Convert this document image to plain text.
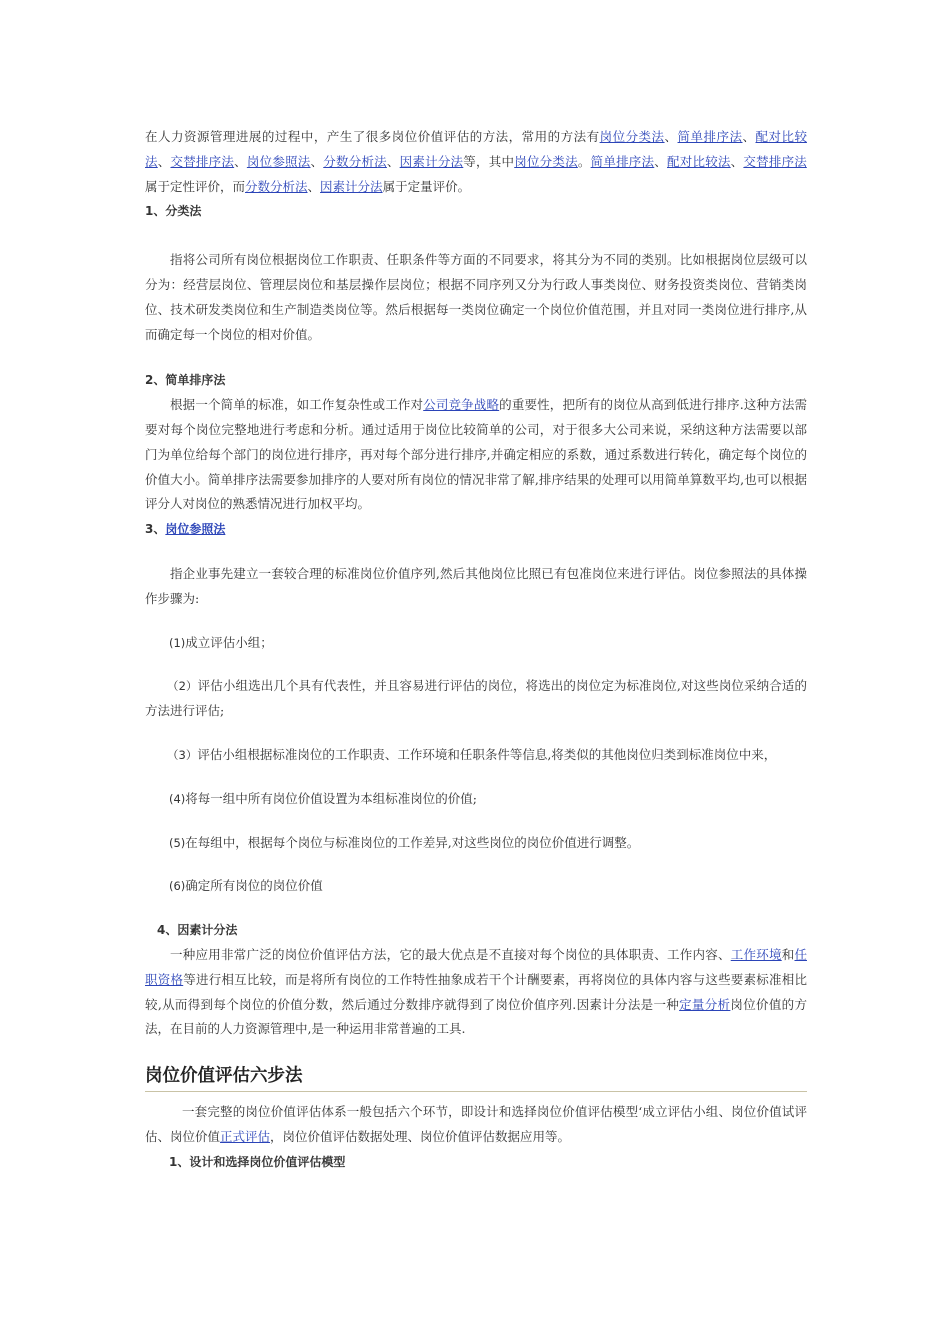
在人力资源管理进展的过程中，产生了很多岗位价值评估的方法，常用的方法有岗位分类法、简单排序法、配对比较法、交替排序法、岗位参照法、分数分析法、因素计分法等，其中岗位分类法。简单排序法、配对比较法、交替排序法属于定性评价，而分数分析法、因素计分法属于定量评价。

1、分类法

指将公司所有岗位根据岗位工作职责、任职条件等方面的不同要求，将其分为不同的类别。比如根据岗位层级可以分为：经营层岗位、管理层岗位和基层操作层岗位；根据不同序列又分为行政人事类岗位、财务投资类岗位、营销类岗位、技术研发类岗位和生产制造类岗位等。然后根据每一类岗位确定一个岗位价值范围，并且对同一类岗位进行排序,从而确定每一个岗位的相对价值。

2、简单排序法

根据一个简单的标准，如工作复杂性或工作对公司竞争战略的重要性，把所有的岗位从高到低进行排序.这种方法需要对每个岗位完整地进行考虑和分析。通过适用于岗位比较简单的公司，对于很多大公司来说，采纳这种方法需要以部门为单位给每个部门的岗位进行排序，再对每个部分进行排序,并确定相应的系数，通过系数进行转化，确定每个岗位的价值大小。简单排序法需要参加排序的人要对所有岗位的情况非常了解,排序结果的处理可以用简单算数平均,也可以根据评分人对岗位的熟悉情况进行加权平均。

3、岗位参照法

指企业事先建立一套较合理的标准岗位价值序列,然后其他岗位比照已有包准岗位来进行评估。岗位参照法的具体操作步骤为:

(1)成立评估小组；

（2）评估小组选出几个具有代表性，并且容易进行评估的岗位，将选出的岗位定为标准岗位,对这些岗位采纳合适的方法进行评估;

（3）评估小组根据标准岗位的工作职责、工作环境和任职条件等信息,将类似的其他岗位归类到标准岗位中来，

(4)将每一组中所有岗位价值设置为本组标准岗位的价值;

(5)在每组中，根据每个岗位与标准岗位的工作差异,对这些岗位的岗位价值进行调整。

(6)确定所有岗位的岗位价值

4、因素计分法

一种应用非常广泛的岗位价值评估方法，它的最大优点是不直接对每个岗位的具体职责、工作内容、工作环境和任职资格等进行相互比较，而是将所有岗位的工作特性抽象成若干个计酬要素，再将岗位的具体内容与这些要素标准相比较,从而得到每个岗位的价值分数，然后通过分数排序就得到了岗位价值序列.因素计分法是一种定量分析岗位价值的方法，在目前的人力资源管理中,是一种运用非常普遍的工具.

岗位价值评估六步法

一套完整的岗位价值评估体系一般包括六个环节，即设计和选择岗位价值评估模型‘成立评估小组、岗位价值试评估、岗位价值正式评估，岗位价值评估数据处理、岗位价值评估数据应用等。

1、设计和选择岗位价值评估模型
